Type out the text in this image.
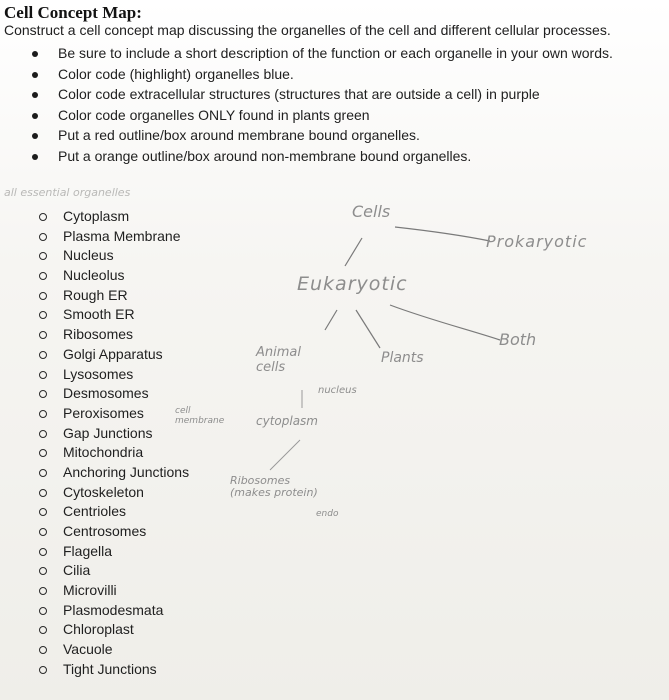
Cell Concept Map:
Construct a cell concept map discussing the organelles of the cell and different cellular processes.
Be sure to include a short description of the function or each organelle in your own words.
Color code (highlight) organelles blue.
Color code extracellular structures (structures that are outside a cell) in purple
Color code organelles ONLY found in plants green
Put a red outline/box around membrane bound organelles.
Put a orange outline/box around non-membrane bound organelles.
all essential organelles
Cytoplasm
Plasma Membrane
Nucleus
Nucleolus
Rough ER
Smooth ER
Ribosomes
Golgi Apparatus
Lysosomes
Desmosomes
Peroxisomes
Gap Junctions
Mitochondria
Anchoring Junctions
Cytoskeleton
Centrioles
Centrosomes
Flagella
Cilia
Microvilli
Plasmodesmata
Chloroplast
Vacuole
Tight Junctions
Cells
Prokaryotic
Eukaryotic
Both
Animal cells
Plants
nucleus
cytoplasm
cell membrane
Ribosomes (makes protein)
endo
